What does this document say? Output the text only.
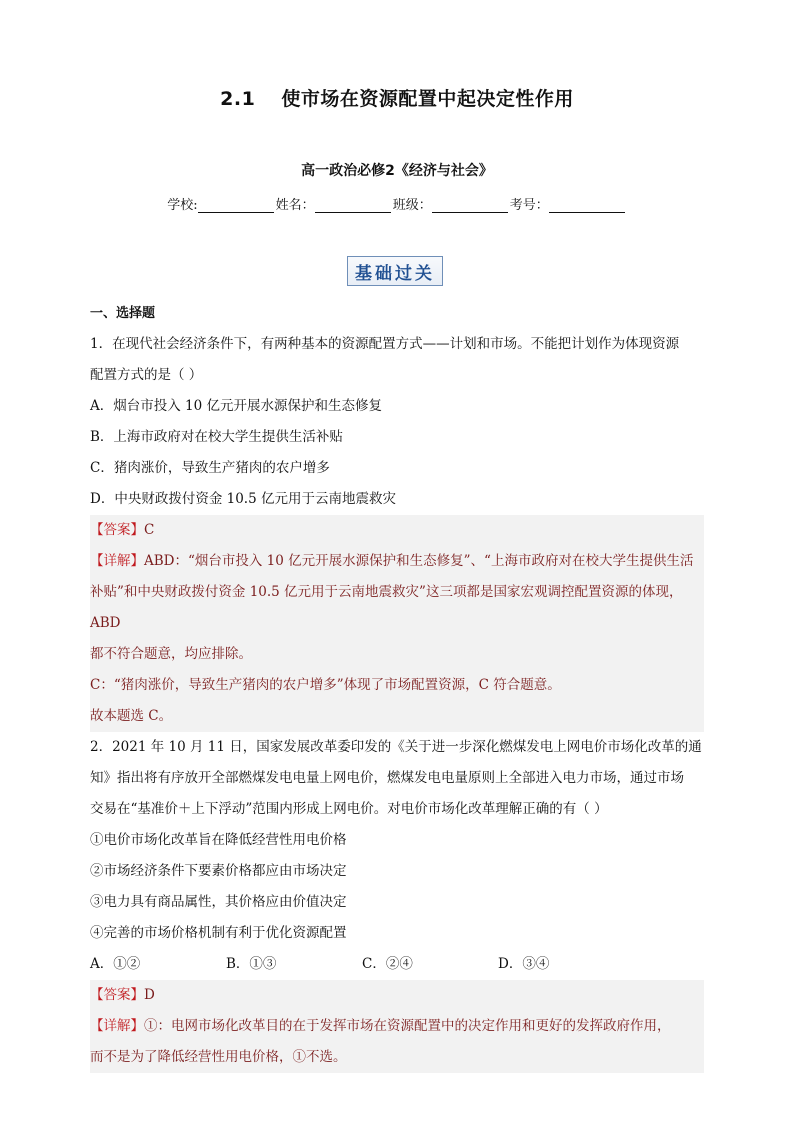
2.1 使市场在资源配置中起决定性作用
高一政治必修2《经济与社会》
学校:	姓名：	班级：	考号：
基础过关

一、选择题

1．在现代社会经济条件下，有两种基本的资源配置方式——计划和市场。不能把计划作为体现资源

配置方式的是（ ）

A．烟台市投入 10 亿元开展水源保护和生态修复

B．上海市政府对在校大学生提供生活补贴

C．猪肉涨价，导致生产猪肉的农户增多

D．中央财政拨付资金 10.5 亿元用于云南地震救灾

【答案】C

【详解】ABD：“烟台市投入 10 亿元开展水源保护和生态修复”、“上海市政府对在校大学生提供生活

补贴”和中央财政拨付资金 10.5 亿元用于云南地震救灾”这三项都是国家宏观调控配置资源的体现，ABD

都不符合题意，均应排除。

C：“猪肉涨价，导致生产猪肉的农户增多”体现了市场配置资源，C 符合题意。

故本题选 C。

2．2021 年 10 月 11 日，国家发展改革委印发的《关于进一步深化燃煤发电上网电价市场化改革的通

知》指出将有序放开全部燃煤发电电量上网电价，燃煤发电电量原则上全部进入电力市场，通过市场

交易在“基准价＋上下浮动”范围内形成上网电价。对电价市场化改革理解正确的有（ ）

①电价市场化改革旨在降低经营性用电价格

②市场经济条件下要素价格都应由市场决定

③电力具有商品属性，其价格应由价值决定

④完善的市场价格机制有利于优化资源配置

A．①②	B．①③	C．②④	D．③④

【答案】D

【详解】①：电网市场化改革目的在于发挥市场在资源配置中的决定作用和更好的发挥政府作用，

而不是为了降低经营性用电价格，①不选。
